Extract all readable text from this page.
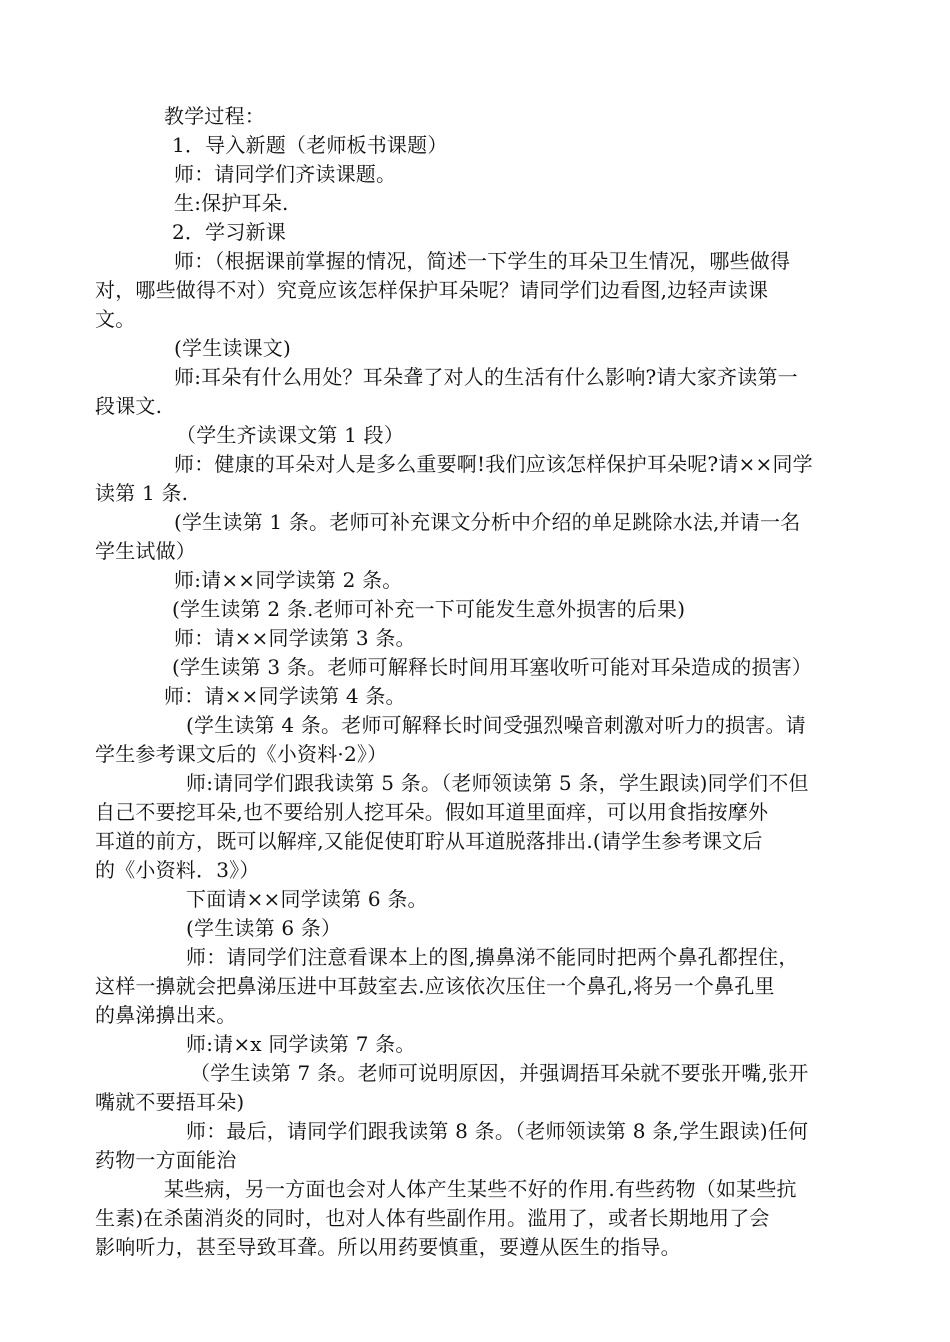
教学过程：
1．导入新题（老师板书课题）
师：请同学们齐读课题。
生:保护耳朵.
2．学习新课
师：（根据课前掌握的情况，简述一下学生的耳朵卫生情况，哪些做得
对，哪些做得不对）究竟应该怎样保护耳朵呢？请同学们边看图,边轻声读课
文。
(学生读课文)
师:耳朵有什么用处？耳朵聋了对人的生活有什么影响?请大家齐读第一
段课文.
（学生齐读课文第 1 段）
师：健康的耳朵对人是多么重要啊!我们应该怎样保护耳朵呢?请××同学
读第 1 条.
(学生读第 1 条。老师可补充课文分析中介绍的单足跳除水法,并请一名
学生试做）
师:请××同学读第 2 条。
(学生读第 2 条.老师可补充一下可能发生意外损害的后果)
师：请××同学读第 3 条。
(学生读第 3 条。老师可解释长时间用耳塞收听可能对耳朵造成的损害）
师：请××同学读第 4 条。
(学生读第 4 条。老师可解释长时间受强烈噪音刺激对听力的损害。请
学生参考课文后的《小资料·2》）
师:请同学们跟我读第 5 条。（老师领读第 5 条，学生跟读)同学们不但
自己不要挖耳朵,也不要给别人挖耳朵。假如耳道里面痒，可以用食指按摩外
耳道的前方，既可以解痒,又能促使耵聍从耳道脱落排出.(请学生参考课文后
的《小资料．3》）
下面请××同学读第 6 条。
(学生读第 6 条）
师：请同学们注意看课本上的图,擤鼻涕不能同时把两个鼻孔都捏住，
这样一擤就会把鼻涕压进中耳鼓室去.应该依次压住一个鼻孔,将另一个鼻孔里
的鼻涕擤出来。
师:请×x 同学读第 7 条。
（学生读第 7 条。老师可说明原因，并强调捂耳朵就不要张开嘴,张开
嘴就不要捂耳朵)
师：最后，请同学们跟我读第 8 条。（老师领读第 8 条,学生跟读)任何
药物一方面能治
某些病，另一方面也会对人体产生某些不好的作用.有些药物（如某些抗
生素)在杀菌消炎的同时，也对人体有些副作用。滥用了，或者长期地用了会
影响听力，甚至导致耳聋。所以用药要慎重，要遵从医生的指导。
